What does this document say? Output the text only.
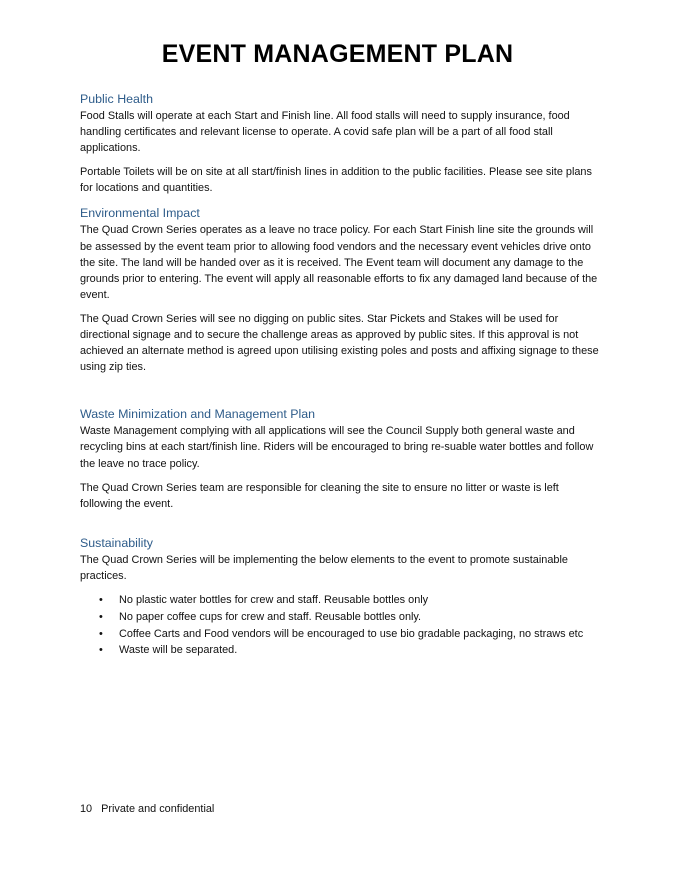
EVENT MANAGEMENT PLAN
Public Health

Food Stalls will operate at each Start and Finish line. All food stalls will need to supply insurance, food handling certificates and relevant license to operate. A covid safe plan will be a part of all food stall applications.

Portable Toilets will be on site at all start/finish lines in addition to the public facilities. Please see site plans for locations and quantities.

Environmental Impact

The Quad Crown Series operates as a leave no trace policy. For each Start Finish line site the grounds will be assessed by the event team prior to allowing food vendors and the necessary event vehicles drive onto the site. The land will be handed over as it is received. The Event team will document any damage to the grounds prior to entering. The event will apply all reasonable efforts to fix any damaged land because of the event.

The Quad Crown Series will see no digging on public sites. Star Pickets and Stakes will be used for directional signage and to secure the challenge areas as approved by public sites. If this approval is not achieved an alternate method is agreed upon utilising existing poles and posts and affixing signage to these using zip ties.

Waste Minimization and Management Plan

Waste Management complying with all applications will see the Council Supply both general waste and recycling bins at each start/finish line. Riders will be encouraged to bring re-suable water bottles and follow the leave no trace policy.

The Quad Crown Series team are responsible for cleaning the site to ensure no litter or waste is left following the event.

Sustainability

The Quad Crown Series will be implementing the below elements to the event to promote sustainable practices.

• No plastic water bottles for crew and staff. Reusable bottles only
• No paper coffee cups for crew and staff. Reusable bottles only.
• Coffee Carts and Food vendors will be encouraged to use bio gradable packaging, no straws etc
• Waste will be separated.
10 Private and confidential
